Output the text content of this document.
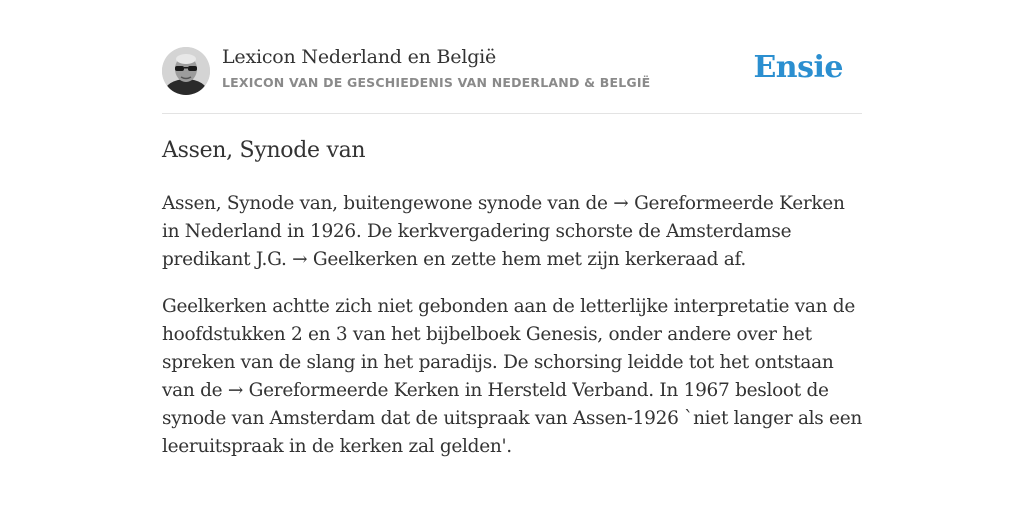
Lexicon Nederland en België
LEXICON VAN DE GESCHIEDENIS VAN NEDERLAND & BELGIË	Ensie
Assen, Synode van

Assen, Synode van, buitengewone synode van de → Gereformeerde Kerken in Nederland in 1926. De kerkvergadering schorste de Amsterdamse predikant J.G. → Geelkerken en zette hem met zijn kerkeraad af.

Geelkerken achtte zich niet gebonden aan de letterlijke interpretatie van de hoofdstukken 2 en 3 van het bijbelboek Genesis, onder andere over het spreken van de slang in het paradijs. De schorsing leidde tot het ontstaan van de → Gereformeerde Kerken in Hersteld Verband. In 1967 besloot de synode van Amsterdam dat de uitspraak van Assen-1926 `niet langer als een leeruitspraak in de kerken zal gelden'.
